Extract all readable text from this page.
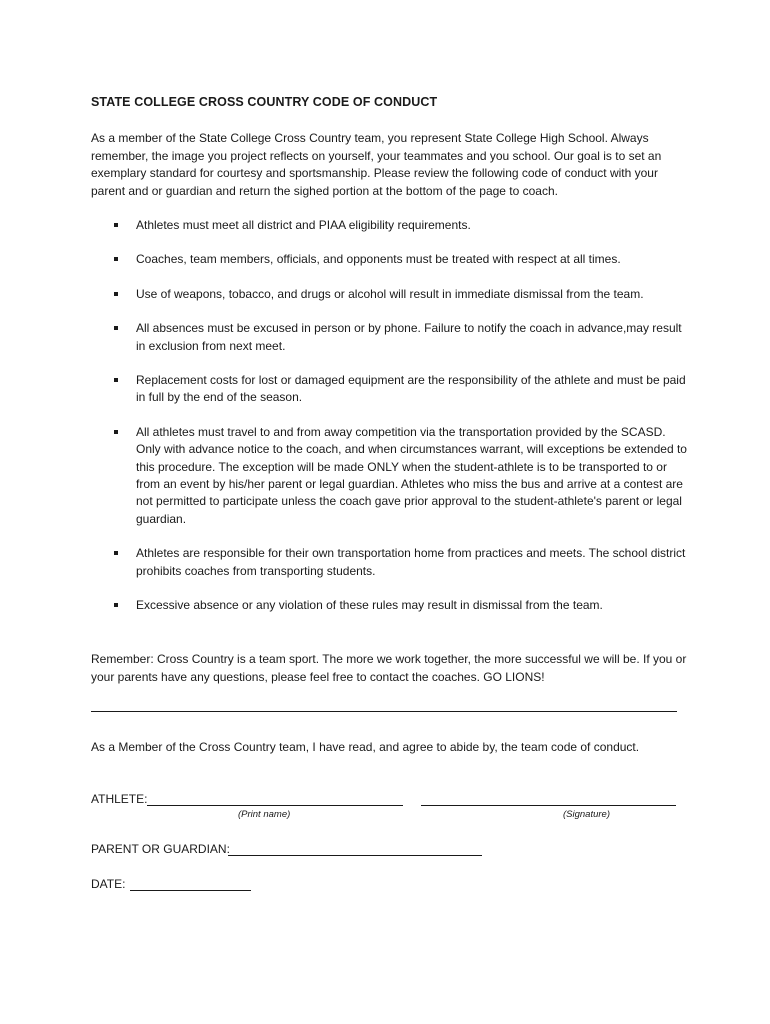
STATE COLLEGE CROSS COUNTRY CODE OF CONDUCT
As a member of the State College Cross Country team, you represent State College High School. Always remember, the image you project reflects on yourself, your teammates and you school. Our goal is to set an exemplary standard for courtesy and sportsmanship. Please review the following code of conduct with your parent and or guardian and return the sighed portion at the bottom of the page to coach.
Athletes must meet all district and PIAA eligibility requirements.
Coaches, team members, officials, and opponents must be treated with respect at all times.
Use of weapons, tobacco, and drugs or alcohol will result in immediate dismissal from the team.
All absences must be excused in person or by phone. Failure to notify the coach in advance,may result in exclusion from next meet.
Replacement costs for lost or damaged equipment are the responsibility of the athlete and must be paid in full by the end of the season.
All athletes must travel to and from away competition via the transportation provided by the SCASD. Only with advance notice to the coach, and when circumstances warrant, will exceptions be extended to this procedure. The exception will be made ONLY when the student-athlete is to be transported to or from an event by his/her parent or legal guardian. Athletes who miss the bus and arrive at a contest are not permitted to participate unless the coach gave prior approval to the student-athlete's parent or legal guardian.
Athletes are responsible for their own transportation home from practices and meets. The school district prohibits coaches from transporting students.
Excessive absence or any violation of these rules may result in dismissal from the team.
Remember: Cross Country is a team sport. The more we work together, the more successful we will be. If you or your parents have any questions, please feel free to contact the coaches. GO LIONS!
As a Member of the Cross Country team, I have read, and agree to abide by, the team code of conduct.
ATHLETE:
(Print name)	(Signature)
PARENT OR GUARDIAN:
DATE:
